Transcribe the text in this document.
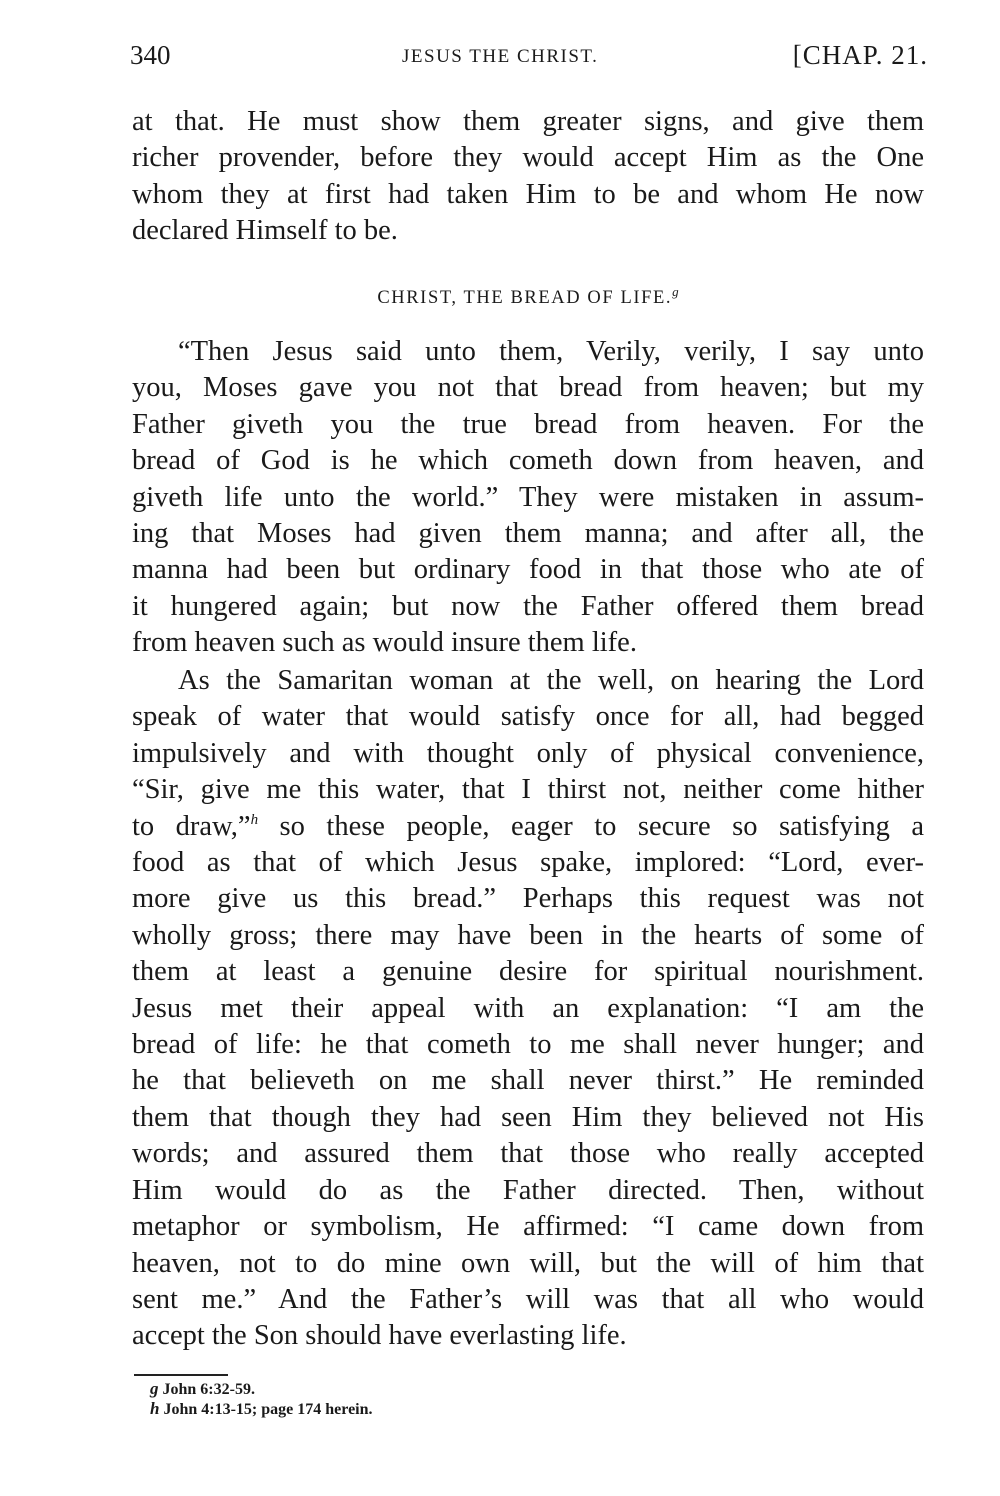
340	JESUS THE CHRIST.	[CHAP. 21.
at that. He must show them greater signs, and give them
richer provender, before they would accept Him as the One
whom they at first had taken Him to be and whom He now
declared Himself to be.
CHRIST, THE BREAD OF LIFE.$^g$
“Then Jesus said unto them, Verily, verily, I say unto
you, Moses gave you not that bread from heaven; but my
Father giveth you the true bread from heaven. For the
bread of God is he which cometh down from heaven, and
giveth life unto the world.” They were mistaken in assum-
ing that Moses had given them manna; and after all, the
manna had been but ordinary food in that those who ate of
it hungered again; but now the Father offered them bread
from heaven such as would insure them life.
As the Samaritan woman at the well, on hearing the Lord
speak of water that would satisfy once for all, had begged
impulsively and with thought only of physical convenience,
“Sir, give me this water, that I thirst not, neither come hither
to draw,”$^h$ so these people, eager to secure so satisfying a
food as that of which Jesus spake, implored: “Lord, ever-
more give us this bread.” Perhaps this request was not
wholly gross; there may have been in the hearts of some of
them at least a genuine desire for spiritual nourishment.
Jesus met their appeal with an explanation: “I am the
bread of life: he that cometh to me shall never hunger; and
he that believeth on me shall never thirst.” He reminded
them that though they had seen Him they believed not His
words; and assured them that those who really accepted
Him would do as the Father directed. Then, without
metaphor or symbolism, He affirmed: “I came down from
heaven, not to do mine own will, but the will of him that
sent me.” And the Father’s will was that all who would
accept the Son should have everlasting life.
g John 6:32-59.
h John 4:13-15; page 174 herein.
